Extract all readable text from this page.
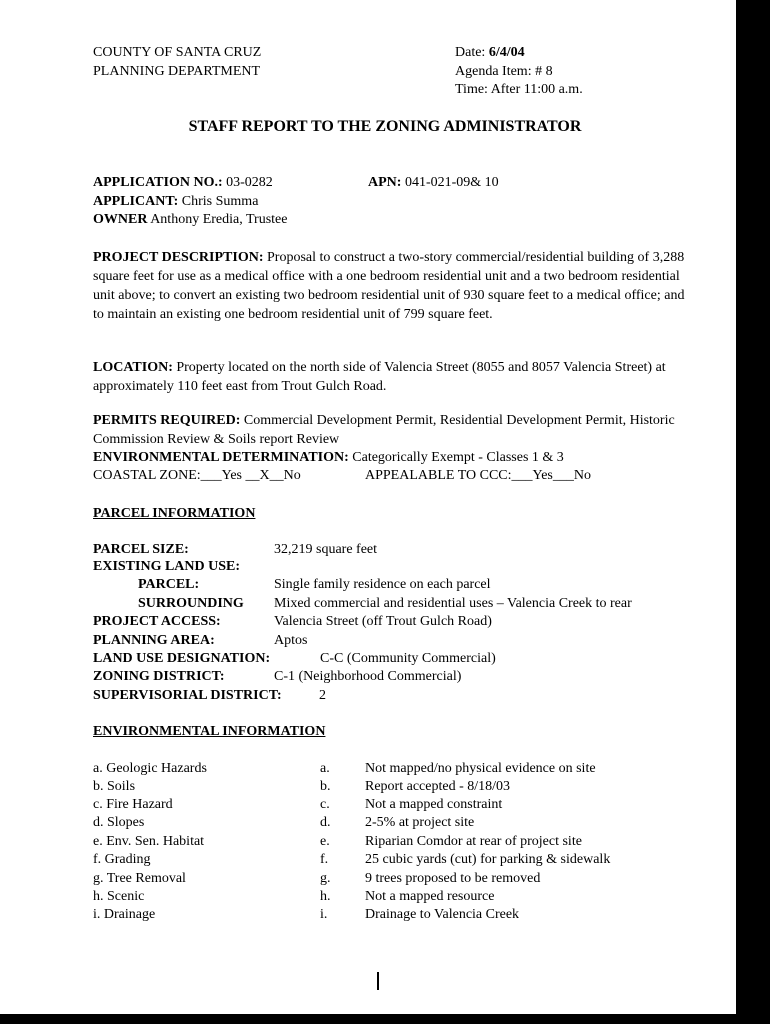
COUNTY OF SANTA CRUZ
PLANNING DEPARTMENT
Date: 6/4/04
Agenda Item: # 8
Time: After 11:00 a.m.
STAFF REPORT TO THE ZONING ADMINISTRATOR
APPLICATION NO.: 03-0282	APN: 041-021-09& 10
APPLICANT: Chris Summa
OWNER Anthony Eredia, Trustee
PROJECT DESCRIPTION: Proposal to construct a two-story commercial/residential building of 3,288 square feet for use as a medical office with a one bedroom residential unit and a two bedroom residential unit above; to convert an existing two bedroom residential unit of 930 square feet to a medical office; and to maintain an existing one bedroom residential unit of 799 square feet.
LOCATION: Property located on the north side of Valencia Street (8055 and 8057 Valencia Street) at approximately 110 feet east from Trout Gulch Road.
PERMITS REQUIRED: Commercial Development Permit, Residential Development Permit, Historic Commission Review & Soils report Review
ENVIRONMENTAL DETERMINATION: Categorically Exempt - Classes 1 & 3
COASTAL ZONE:___Yes __X__No	APPEALABLE TO CCC:___Yes___No
PARCEL INFORMATION
PARCEL SIZE:	32,219 square feet
EXISTING LAND USE:
PARCEL:	Single family residence on each parcel
SURROUNDING Mixed commercial and residential uses – Valencia Creek to rear
PROJECT ACCESS:	Valencia Street (off Trout Gulch Road)
PLANNING AREA:	Aptos
LAND USE DESIGNATION:	C-C (Community Commercial)
ZONING DISTRICT:	C-1 (Neighborhood Commercial)
SUPERVISORIAL DISTRICT:	2
ENVIRONMENTAL INFORMATION
a. Geologic Hazards	a.	Not mapped/no physical evidence on site
b. Soils	b. Report accepted - 8/18/03
c. Fire Hazard	c.	Not a mapped constraint
d. Slopes	d. 2-5% at project site
e. Env. Sen. Habitat	e.	Riparian Comdor at rear of project site
f. Grading	f.	25 cubic yards (cut) for parking & sidewalk
g. Tree Removal	g. 9 trees proposed to be removed
h. Scenic	h. Not a mapped resource
i. Drainage	i.	Drainage to Valencia Creek
